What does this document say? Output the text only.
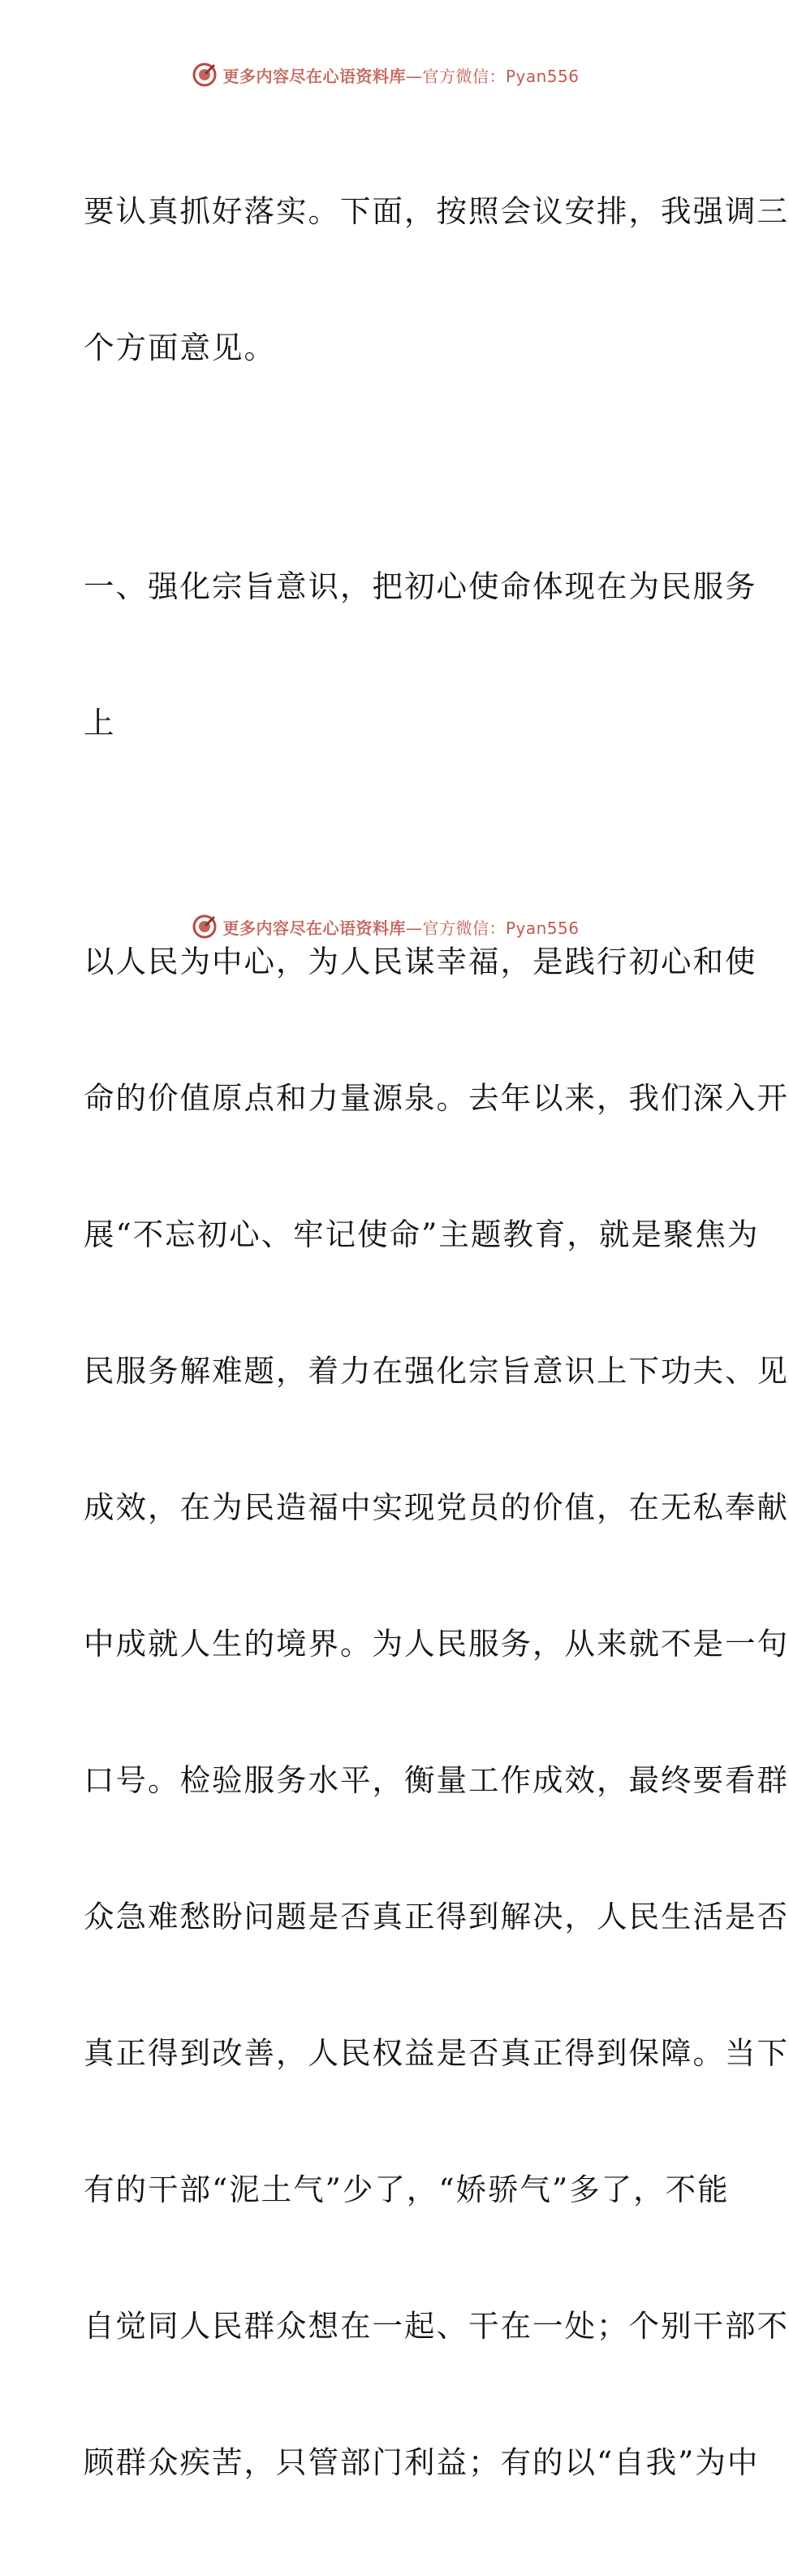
更多内容尽在心语资料库—官方微信：Pyan556

要认真抓好落实。下面，按照会议安排，我强调三

个方面意见。

一、强化宗旨意识，把初心使命体现在为民服务

上

以人民为中心，为人民谋幸福，是践行初心和使

命的价值原点和力量源泉。去年以来，我们深入开

展“不忘初心、牢记使命”主题教育，就是聚焦为

民服务解难题，着力在强化宗旨意识上下功夫、见

成效，在为民造福中实现党员的价值，在无私奉献

中成就人生的境界。为人民服务，从来就不是一句

口号。检验服务水平，衡量工作成效，最终要看群

众急难愁盼问题是否真正得到解决，人民生活是否

真正得到改善，人民权益是否真正得到保障。当下

有的干部“泥土气”少了，“娇骄气”多了，不能

自觉同人民群众想在一起、干在一处；个别干部不

顾群众疾苦，只管部门利益；有的以“自我”为中

更多内容尽在心语资料库—官方微信：Pyan556
